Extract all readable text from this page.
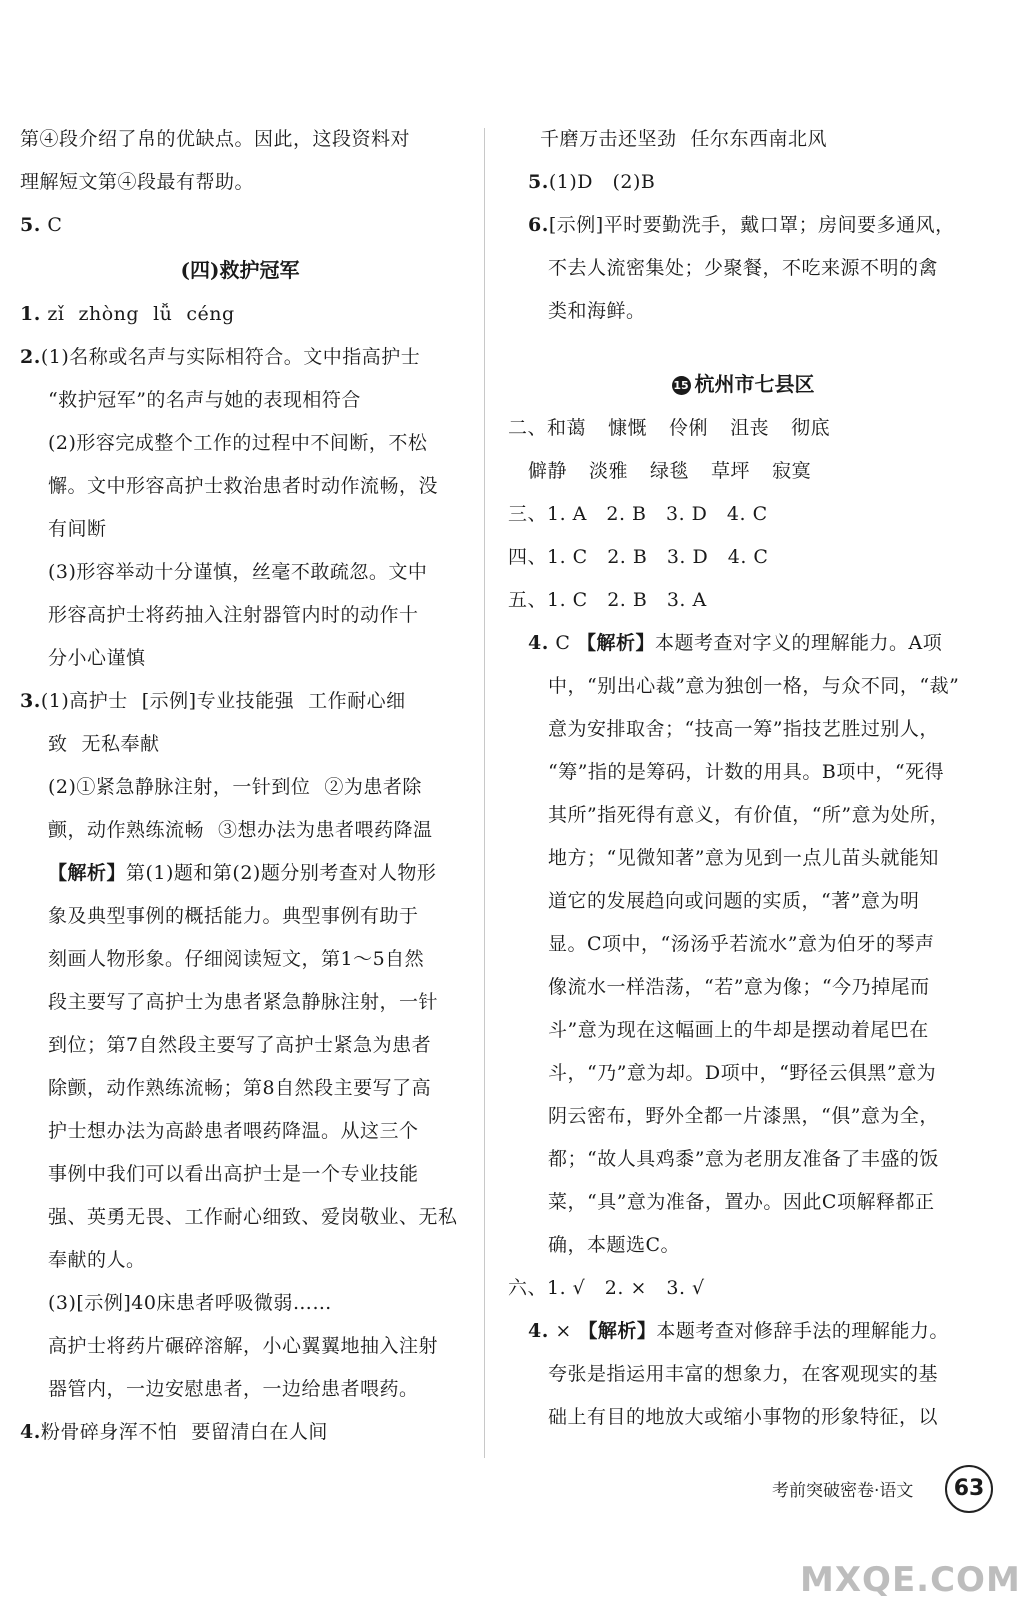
第④段介绍了帛的优缺点。因此，这段资料对
理解短文第④段最有帮助。
5. C
(四)救护冠军
1. zǐ zhòng lǚ céng
2.(1)名称或名声与实际相符合。文中指高护士
“救护冠军”的名声与她的表现相符合
(2)形容完成整个工作的过程中不间断，不松
懈。文中形容高护士救治患者时动作流畅，没
有间断
(3)形容举动十分谨慎，丝毫不敢疏忽。文中
形容高护士将药抽入注射器管内时的动作十
分小心谨慎
3.(1)高护士 [示例]专业技能强 工作耐心细
致 无私奉献
(2)①紧急静脉注射，一针到位 ②为患者除
颤，动作熟练流畅 ③想办法为患者喂药降温
【解析】第(1)题和第(2)题分别考查对人物形
象及典型事例的概括能力。典型事例有助于
刻画人物形象。仔细阅读短文，第1～5自然
段主要写了高护士为患者紧急静脉注射，一针
到位；第7自然段主要写了高护士紧急为患者
除颤，动作熟练流畅；第8自然段主要写了高
护士想办法为高龄患者喂药降温。从这三个
事例中我们可以看出高护士是一个专业技能
强、英勇无畏、工作耐心细致、爱岗敬业、无私
奉献的人。
(3)[示例]40床患者呼吸微弱……
高护士将药片碾碎溶解，小心翼翼地抽入注射
器管内，一边安慰患者，一边给患者喂药。
4.粉骨碎身浑不怕 要留清白在人间
千磨万击还坚劲 任尔东西南北风
5.(1)D　(2)B
6.[示例]平时要勤洗手，戴口罩；房间要多通风，
不去人流密集处；少聚餐，不吃来源不明的禽
类和海鲜。
15 杭州市七县区
二、和蔼 慷慨 伶俐 沮丧 彻底
僻静 淡雅 绿毯 草坪 寂寞
三、1. A　2. B　3. D　4. C
四、1. C　2. B　3. D　4. C
五、1. C　2. B　3. A
4. C 【解析】本题考查对字义的理解能力。A项
中，“别出心裁”意为独创一格，与众不同，“裁”
意为安排取舍；“技高一筹”指技艺胜过别人，
“筹”指的是筹码，计数的用具。B项中，“死得
其所”指死得有意义，有价值，“所”意为处所，
地方；“见微知著”意为见到一点儿苗头就能知
道它的发展趋向或问题的实质，“著”意为明
显。C项中，“汤汤乎若流水”意为伯牙的琴声
像流水一样浩荡，“若”意为像；“今乃掉尾而
斗”意为现在这幅画上的牛却是摆动着尾巴在
斗，“乃”意为却。D项中，“野径云俱黑”意为
阴云密布，野外全都一片漆黑，“俱”意为全，
都；“故人具鸡黍”意为老朋友准备了丰盛的饭
菜，“具”意为准备，置办。因此C项解释都正
确，本题选C。
六、1. √　2. ×　3. √
4. × 【解析】本题考查对修辞手法的理解能力。
夸张是指运用丰富的想象力，在客观现实的基
础上有目的地放大或缩小事物的形象特征，以
考前突破密卷·语文	63
MXQE.COM
